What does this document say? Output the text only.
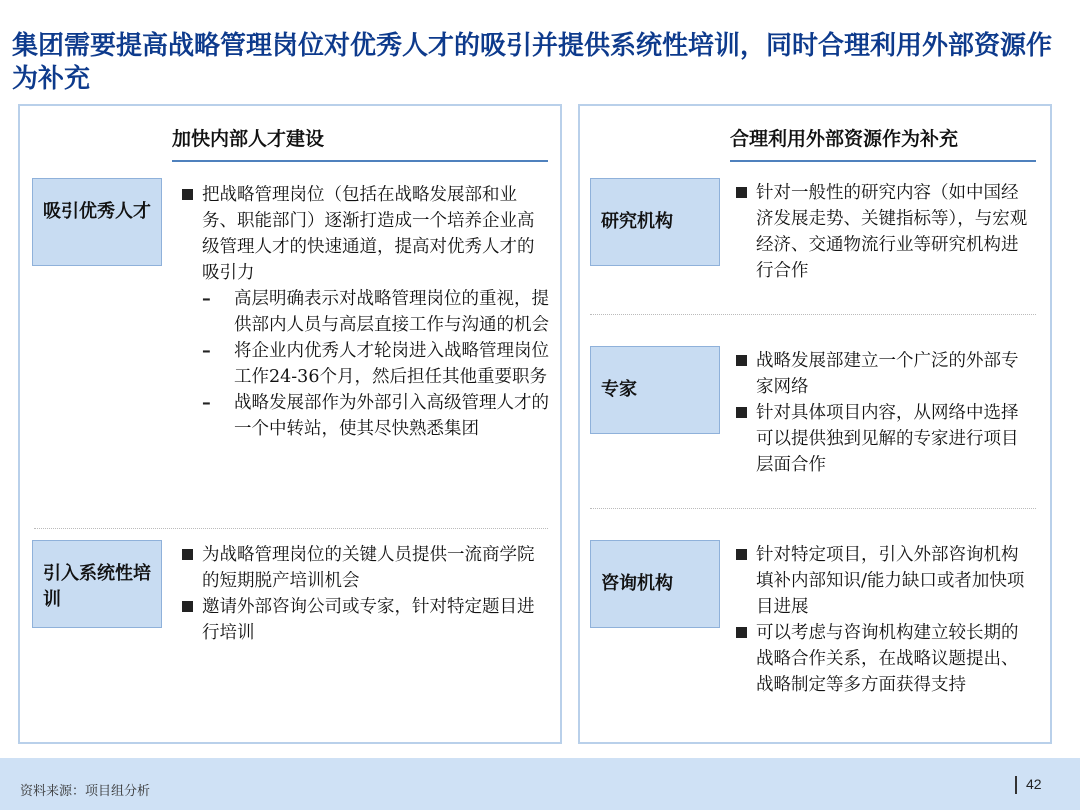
集团需要提高战略管理岗位对优秀人才的吸引并提供系统性培训，同时合理利用外部资源作为补充
加快内部人才建设
吸引优秀人才
把战略管理岗位（包括在战略发展部和业务、职能部门）逐渐打造成一个培养企业高级管理人才的快速通道，提高对优秀人才的吸引力
– 高层明确表示对战略管理岗位的重视，提供部内人员与高层直接工作与沟通的机会
– 将企业内优秀人才轮岗进入战略管理岗位工作24-36个月，然后担任其他重要职务
– 战略发展部作为外部引入高级管理人才的一个中转站，使其尽快熟悉集团
引入系统性培训
为战略管理岗位的关键人员提供一流商学院的短期脱产培训机会
邀请外部咨询公司或专家，针对特定题目进行培训
合理利用外部资源作为补充
研究机构
针对一般性的研究内容（如中国经济发展走势、关键指标等），与宏观经济、交通物流行业等研究机构进行合作
专家
战略发展部建立一个广泛的外部专家网络
针对具体项目内容，从网络中选择可以提供独到见解的专家进行项目层面合作
咨询机构
针对特定项目，引入外部咨询机构填补内部知识/能力缺口或者加快项目进展
可以考虑与咨询机构建立较长期的战略合作关系，在战略议题提出、战略制定等多方面获得支持
资料来源：项目组分析	42
